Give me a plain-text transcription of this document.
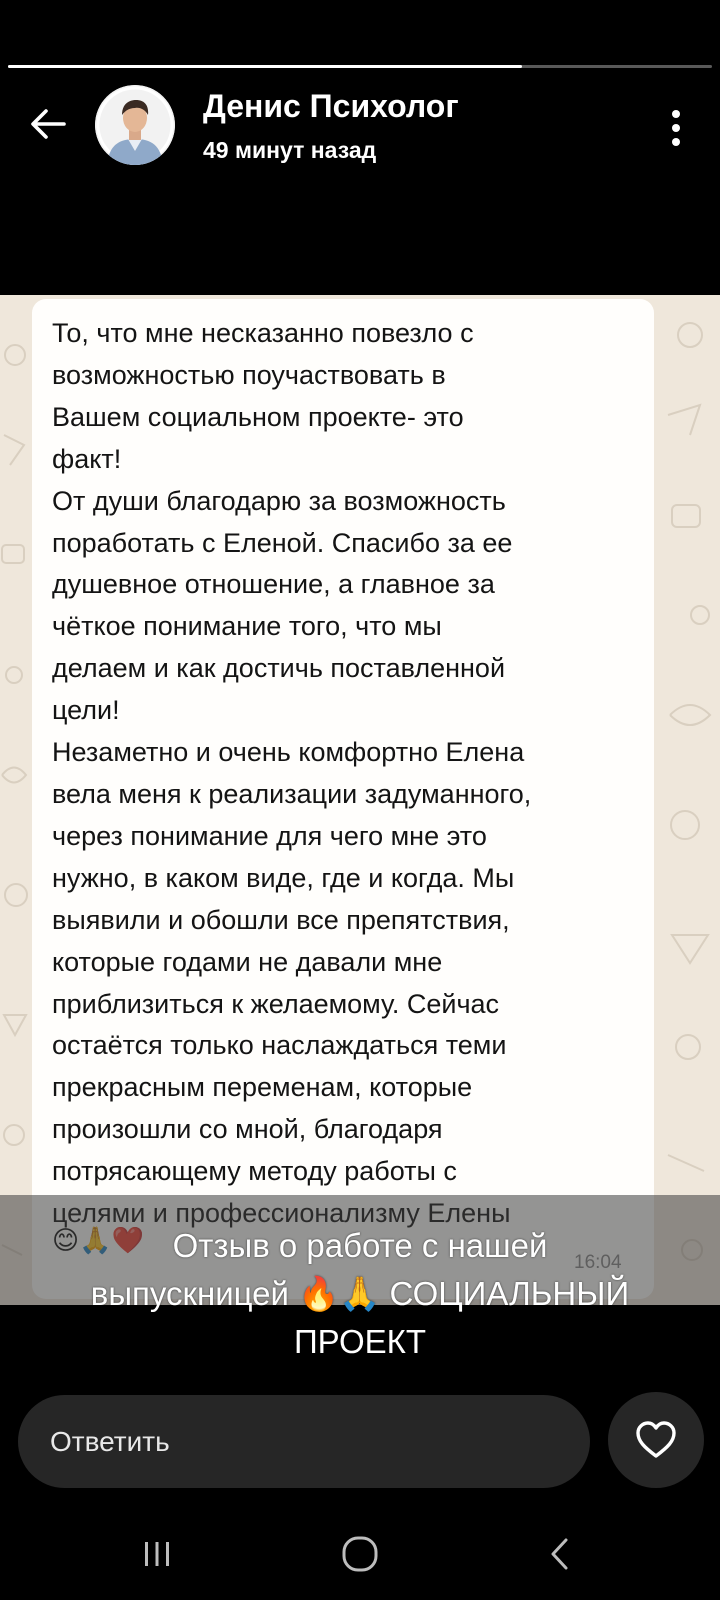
Денис Психолог
49 минут назад
То, что мне несказанно повезло с
возможностью поучаствовать в
Вашем социальном проекте- это
факт!
От души благодарю за возможность
поработать с Еленой. Спасибо за ее
душевное отношение, а главное за
чёткое понимание того, что мы
делаем и как достичь поставленной
цели!
Незаметно и очень комфортно Елена
вела меня к реализации задуманного,
через понимание для чего мне это
нужно, в каком виде, где и когда. Мы
выявили и обошли все препятствия,
которые годами не давали мне
приблизиться к желаемому. Сейчас
остаётся только наслаждаться теми
прекрасным переменам, которые
произошли со мной, благодаря
потрясающему методу работы с

Отзыв о работе с нашей
выпускницей 🔥🙏 СОЦИАЛЬНЫЙ
ПРОЕКТ
Ответить
